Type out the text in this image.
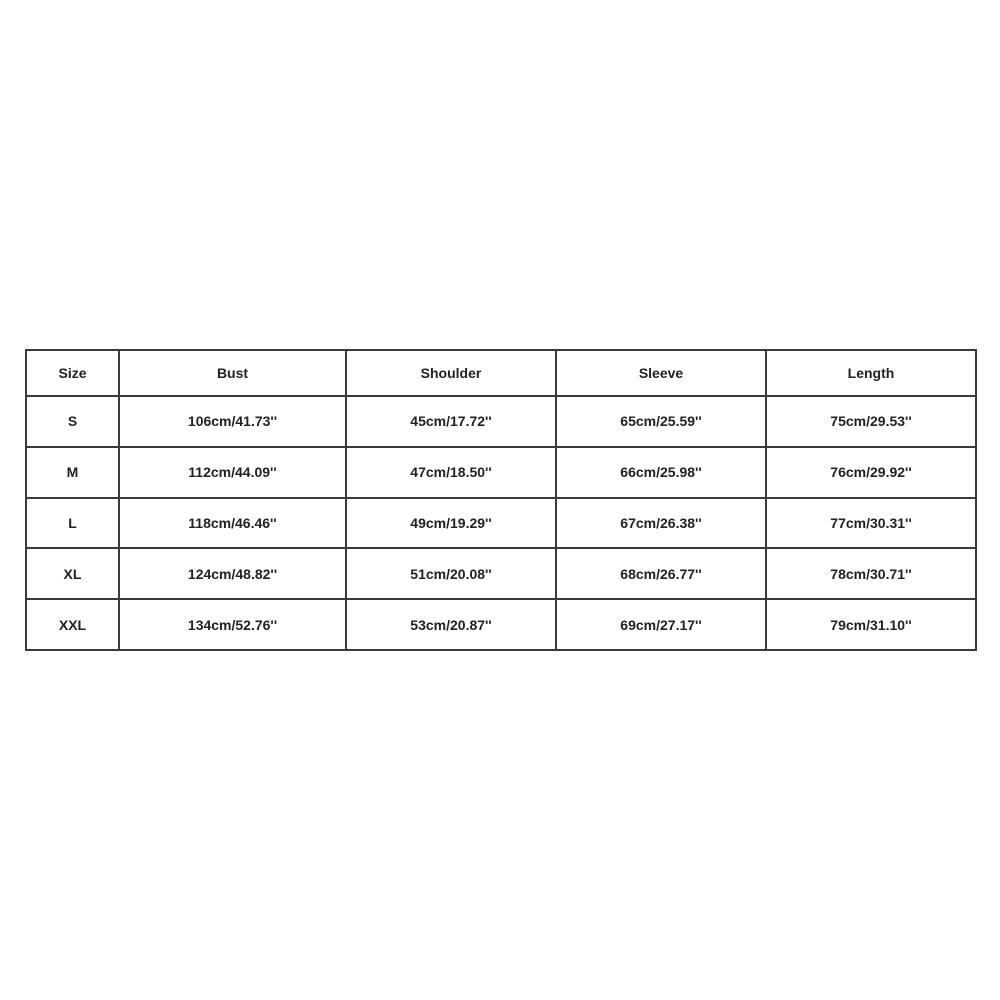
Size	Bust	Shoulder	Sleeve	Length
S	106cm/41.73''	45cm/17.72''	65cm/25.59''	75cm/29.53''
M	112cm/44.09''	47cm/18.50''	66cm/25.98''	76cm/29.92''
L	118cm/46.46''	49cm/19.29''	67cm/26.38''	77cm/30.31''
XL	124cm/48.82''	51cm/20.08''	68cm/26.77''	78cm/30.71''
XXL	134cm/52.76''	53cm/20.87''	69cm/27.17''	79cm/31.10''
